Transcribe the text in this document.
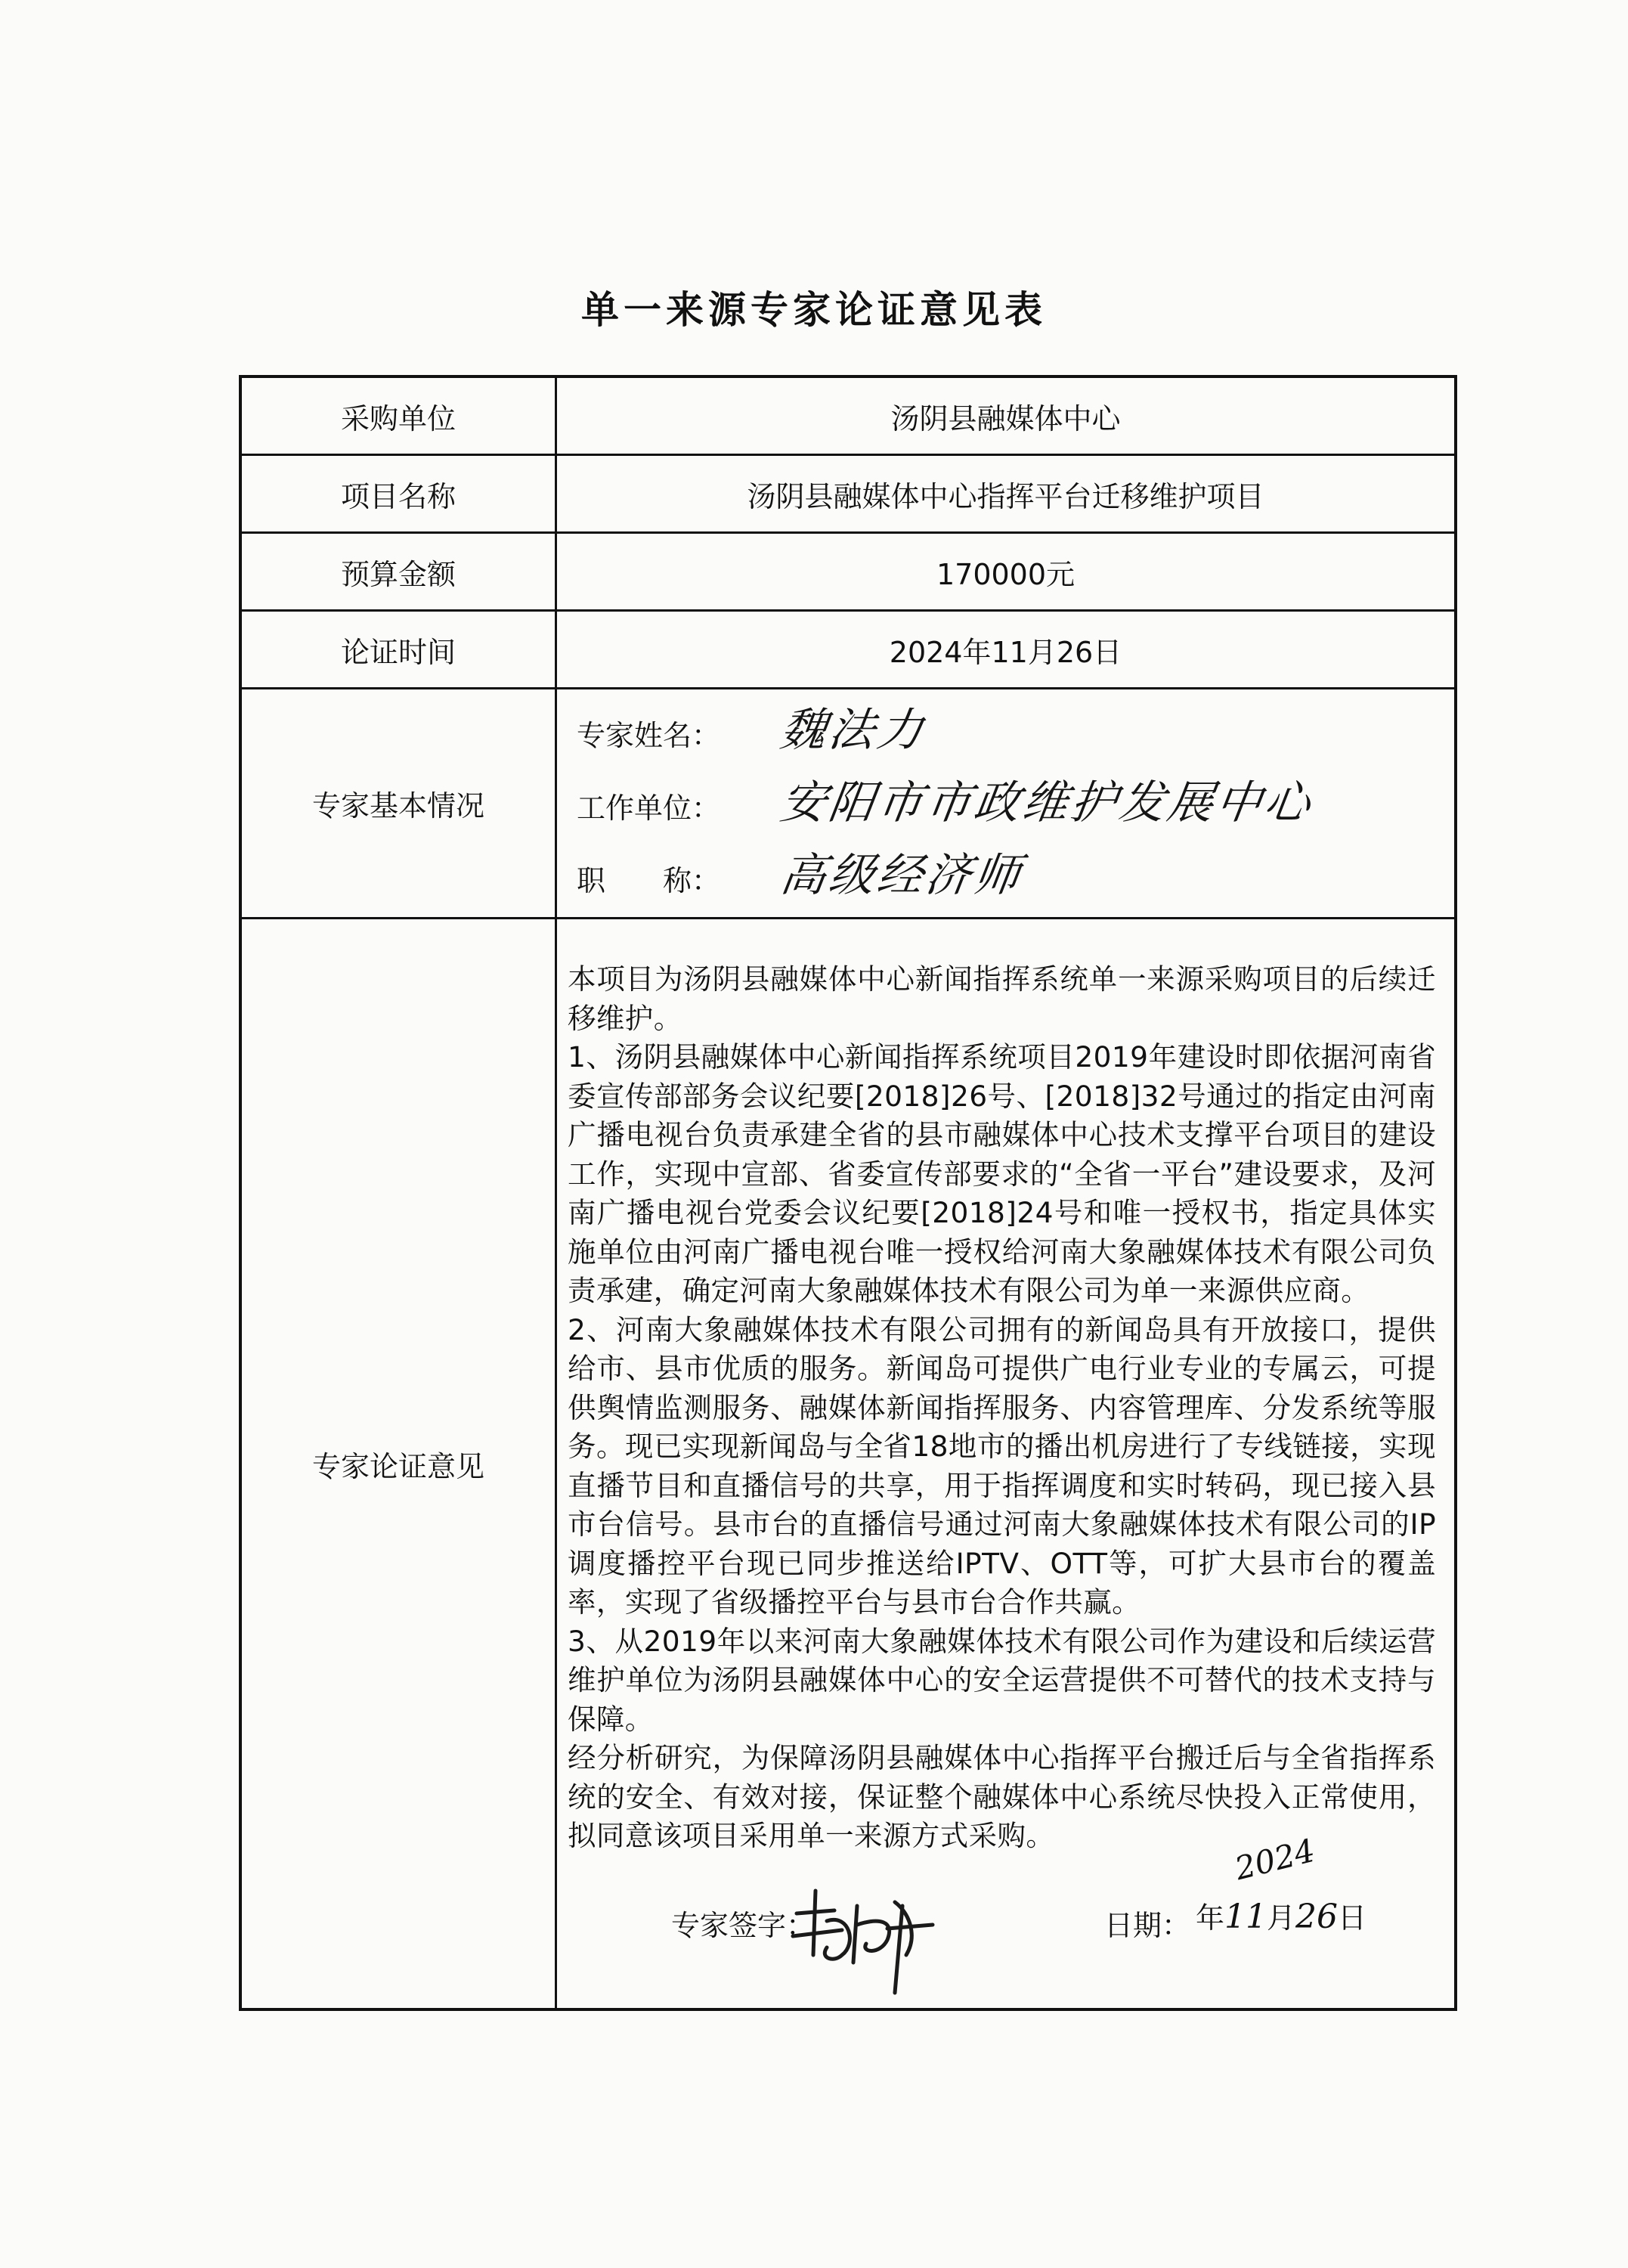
单一来源专家论证意见表
采购单位	汤阴县融媒体中心
项目名称	汤阴县融媒体中心指挥平台迁移维护项目
预算金额	170000元
论证时间	2024年11月26日
专家基本情况
专家姓名： 魏法力
工作单位： 安阳市市政维护发展中心
职　　称： 高级经济师
专家论证意见

本项目为汤阴县融媒体中心新闻指挥系统单一来源采购项目的后续迁移维护。

1、汤阴县融媒体中心新闻指挥系统项目2019年建设时即依据河南省委宣传部部务会议纪要[2018]26号、[2018]32号通过的指定由河南广播电视台负责承建全省的县市融媒体中心技术支撑平台项目的建设工作，实现中宣部、省委宣传部要求的“全省一平台”建设要求，及河南广播电视台党委会议纪要[2018]24号和唯一授权书，指定具体实施单位由河南广播电视台唯一授权给河南大象融媒体技术有限公司负责承建，确定河南大象融媒体技术有限公司为单一来源供应商。

2、河南大象融媒体技术有限公司拥有的新闻岛具有开放接口，提供给市、县市优质的服务。新闻岛可提供广电行业专业的专属云，可提供舆情监测服务、融媒体新闻指挥服务、内容管理库、分发系统等服务。现已实现新闻岛与全省18地市的播出机房进行了专线链接，实现直播节目和直播信号的共享，用于指挥调度和实时转码，现已接入县市台信号。县市台的直播信号通过河南大象融媒体技术有限公司的IP调度播控平台现已同步推送给IPTV、OTT等，可扩大县市台的覆盖率，实现了省级播控平台与县市台合作共赢。

3、从2019年以来河南大象融媒体技术有限公司作为建设和后续运营维护单位为汤阴县融媒体中心的安全运营提供不可替代的技术支持与保障。

经分析研究，为保障汤阴县融媒体中心指挥平台搬迁后与全省指挥系统的安全、有效对接，保证整个融媒体中心系统尽快投入正常使用，拟同意该项目采用单一来源方式采购。

专家签字：	日期：
2024
年11月26日
